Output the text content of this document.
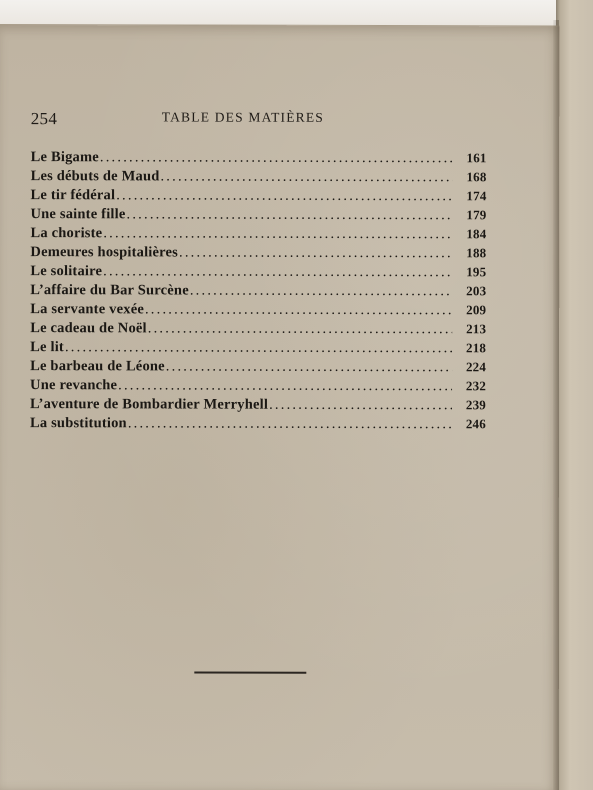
254	TABLE DES MATIÈRES
Le Bigame .....	161
Les débuts de Maud .....	168
Le tir fédéral .....	174
Une sainte fille .....	179
La choriste .....	184
Demeures hospitalières .....	188
Le solitaire .....	195
L’affaire du Bar Surcène .....	203
La servante vexée .....	209
Le cadeau de Noël .....	213
Le lit .....	218
Le barbeau de Léone .....	224
Une revanche .....	232
L’aventure de Bombardier Merryhell .....	239
La substitution .....	246
